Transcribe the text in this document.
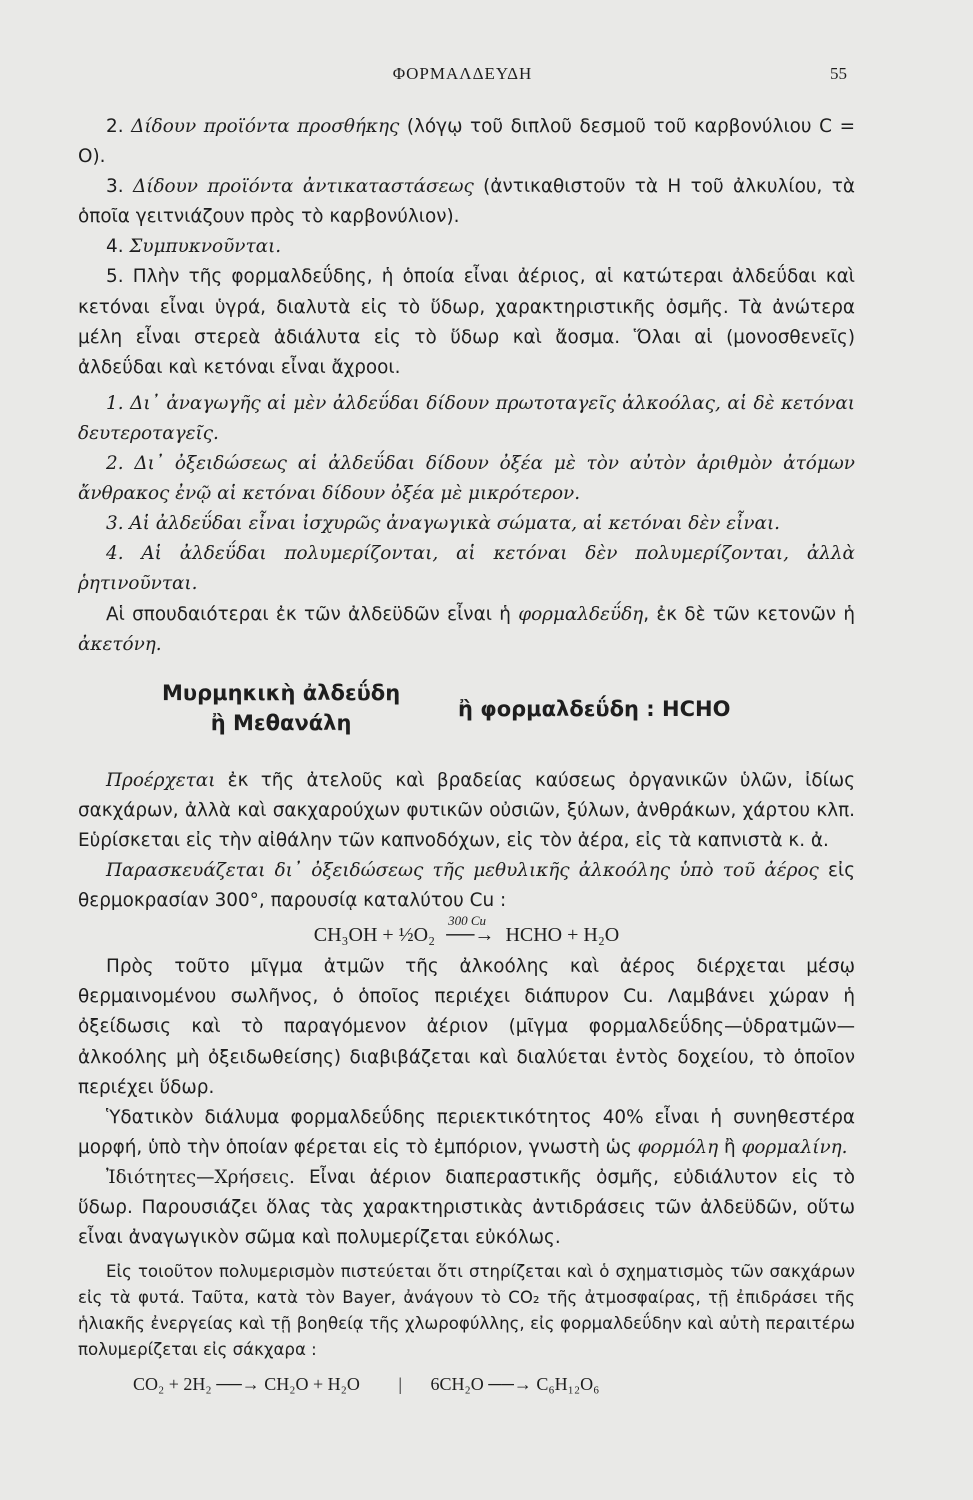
ΦΟΡΜΑΛΔΕΥΔΗ	55

2. Δίδουν προϊόντα προσθήκης (λόγῳ τοῦ διπλοῦ δεσμοῦ τοῦ καρβονύλιου C = O).

3. Δίδουν προϊόντα ἀντικαταστάσεως (ἀντικαθιστοῦν τὰ H τοῦ ἀλκυλίου, τὰ ὁποῖα γειτνιάζουν πρὸς τὸ καρβονύλιον).

4. Συμπυκνοῦνται.

5. Πλὴν τῆς φορμαλδεΰδης, ἡ ὁποία εἶναι ἀέριος, αἱ κατώτεραι ἀλδεΰδαι καὶ κετόναι εἶναι ὑγρά, διαλυτὰ εἰς τὸ ὕδωρ, χαρακτηριστικῆς ὀσμῆς. Τὰ ἀνώτερα μέλη εἶναι στερεὰ ἀδιάλυτα εἰς τὸ ὕδωρ καὶ ἄοσμα. Ὅλαι αἱ (μονοσθενεῖς) ἀλδεΰδαι καὶ κετόναι εἶναι ἄχροοι.

1. Δι᾽ ἀναγωγῆς αἱ μὲν ἀλδεΰδαι δίδουν πρωτοταγεῖς ἀλκοόλας, αἱ δὲ κετόναι δευτεροταγεῖς.

2. Δι᾽ ὀξειδώσεως αἱ ἀλδεΰδαι δίδουν ὀξέα μὲ τὸν αὐτὸν ἀριθμὸν ἀτόμων ἄνθρακος ἐνῷ αἱ κετόναι δίδουν ὀξέα μὲ μικρότερον.

3. Αἱ ἀλδεΰδαι εἶναι ἰσχυρῶς ἀναγωγικὰ σώματα, αἱ κετόναι δὲν εἶναι.

4. Αἱ ἀλδεΰδαι πολυμερίζονται, αἱ κετόναι δὲν πολυμερίζονται, ἀλλὰ ῥητινοῦνται.

Αἱ σπουδαιότεραι ἐκ τῶν ἀλδεϋδῶν εἶναι ἡ φορμαλδεΰδη, ἐκ δὲ τῶν κετονῶν ἡ ἀκετόνη.

Μυρμηκικὴ ἀλδεΰδη
ἢ Μεθανάλη
ἢ φορμαλδεΰδη : HCHO

Προέρχεται ἐκ τῆς ἀτελοῦς καὶ βραδείας καύσεως ὀργανικῶν ὑλῶν, ἰδίως σακχάρων, ἀλλὰ καὶ σακχαρούχων φυτικῶν οὐσιῶν, ξύλων, ἀνθράκων, χάρτου κλπ. Εὑρίσκεται εἰς τὴν αἰθάλην τῶν καπνοδόχων, εἰς τὸν ἀέρα, εἰς τὰ καπνιστὰ κ. ἀ.

Παρασκευάζεται δι᾽ ὀξειδώσεως τῆς μεθυλικῆς ἀλκοόλης ὑπὸ τοῦ ἀέρος εἰς θερμοκρασίαν 300°, παρουσίᾳ καταλύτου Cu :

CH₃OH + ½O₂
300 Cu
──→ HCHO + H₂O

Πρὸς τοῦτο μῖγμα ἀτμῶν τῆς ἀλκοόλης καὶ ἀέρος διέρχεται μέσῳ θερμαινομένου σωλῆνος, ὁ ὁποῖος περιέχει διάπυρον Cu. Λαμβάνει χώραν ἡ ὀξείδωσις καὶ τὸ παραγόμενον ἀέριον (μῖγμα φορμαλδεΰδης—ὑδρατμῶν—ἀλκοόλης μὴ ὀξειδωθείσης) διαβιβάζεται καὶ διαλύεται ἐντὸς δοχείου, τὸ ὁποῖον περιέχει ὕδωρ.

Ὑδατικὸν διάλυμα φορμαλδεΰδης περιεκτικότητος 40% εἶναι ἡ συνηθεστέρα μορφή, ὑπὸ τὴν ὁποίαν φέρεται εἰς τὸ ἐμπόριον, γνωστὴ ὡς φορμόλη ἢ φορμαλίνη.

Ἰδιότητες—Χρήσεις. Εἶναι ἀέριον διαπεραστικῆς ὀσμῆς, εὐδιάλυτον εἰς τὸ ὕδωρ. Παρουσιάζει ὅλας τὰς χαρακτηριστικὰς ἀντιδράσεις τῶν ἀλδεϋδῶν, οὕτω εἶναι ἀναγωγικὸν σῶμα καὶ πολυμερίζεται εὐκόλως.

Εἰς τοιοῦτον πολυμερισμὸν πιστεύεται ὅτι στηρίζεται καὶ ὁ σχηματισμὸς τῶν σακχάρων εἰς τὰ φυτά. Ταῦτα, κατὰ τὸν Bayer, ἀνάγουν τὸ CO₂ τῆς ἀτμοσφαίρας, τῇ ἐπιδράσει τῆς ἡλιακῆς ἐνεργείας καὶ τῇ βοηθείᾳ τῆς χλωροφύλλης, εἰς φορμαλδεΰδην καὶ αὐτὴ περαιτέρω πολυμερίζεται εἰς σάκχαρα :

CO₂ + 2H₂ ──→ CH₂O + H₂O | 6CH₂O ──→ C₆H₁₂O₆
